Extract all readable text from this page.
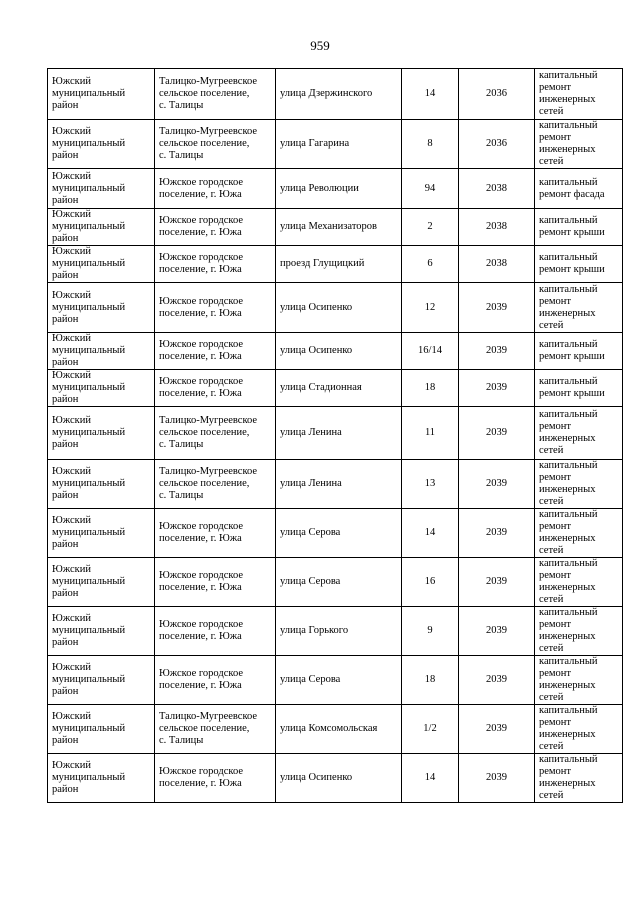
959
Южский
муниципальный
район	Талицко-Мугреевское
сельское поселение,
с. Талицы	улица Дзержинского	14	2036	капитальный
ремонт
инженерных
сетей

Южский
муниципальный
район	Талицко-Мугреевское
сельское поселение,
с. Талицы	улица Гагарина	8	2036	капитальный
ремонт
инженерных
сетей

Южский
муниципальный
район	Южское городское
поселение, г. Южа	улица Революции	94	2038	капитальный
ремонт фасада

Южский
муниципальный
район	Южское городское
поселение, г. Южа	улица Механизаторов	2	2038	капитальный
ремонт крыши

Южский
муниципальный
район	Южское городское
поселение, г. Южа	проезд Глущицкий	6	2038	капитальный
ремонт крыши

Южский
муниципальный
район	Южское городское
поселение, г. Южа	улица Осипенко	12	2039	капитальный
ремонт
инженерных
сетей

Южский
муниципальный
район	Южское городское
поселение, г. Южа	улица Осипенко	16/14	2039	капитальный
ремонт крыши

Южский
муниципальный
район	Южское городское
поселение, г. Южа	улица Стадионная	18	2039	капитальный
ремонт крыши

Южский
муниципальный
район	Талицко-Мугреевское
сельское поселение,
с. Талицы	улица Ленина	11	2039	капитальный
ремонт
инженерных
сетей

Южский
муниципальный
район	Талицко-Мугреевское
сельское поселение,
с. Талицы	улица Ленина	13	2039	капитальный
ремонт
инженерных
сетей

Южский
муниципальный
район	Южское городское
поселение, г. Южа	улица Серова	14	2039	капитальный
ремонт
инженерных
сетей

Южский
муниципальный
район	Южское городское
поселение, г. Южа	улица Серова	16	2039	капитальный
ремонт
инженерных
сетей

Южский
муниципальный
район	Южское городское
поселение, г. Южа	улица Горького	9	2039	капитальный
ремонт
инженерных
сетей

Южский
муниципальный
район	Южское городское
поселение, г. Южа	улица Серова	18	2039	капитальный
ремонт
инженерных
сетей

Южский
муниципальный
район	Талицко-Мугреевское
сельское поселение,
с. Талицы	улица Комсомольская	1/2	2039	капитальный
ремонт
инженерных
сетей

Южский
муниципальный
район	Южское городское
поселение, г. Южа	улица Осипенко	14	2039	капитальный
ремонт
инженерных
сетей
